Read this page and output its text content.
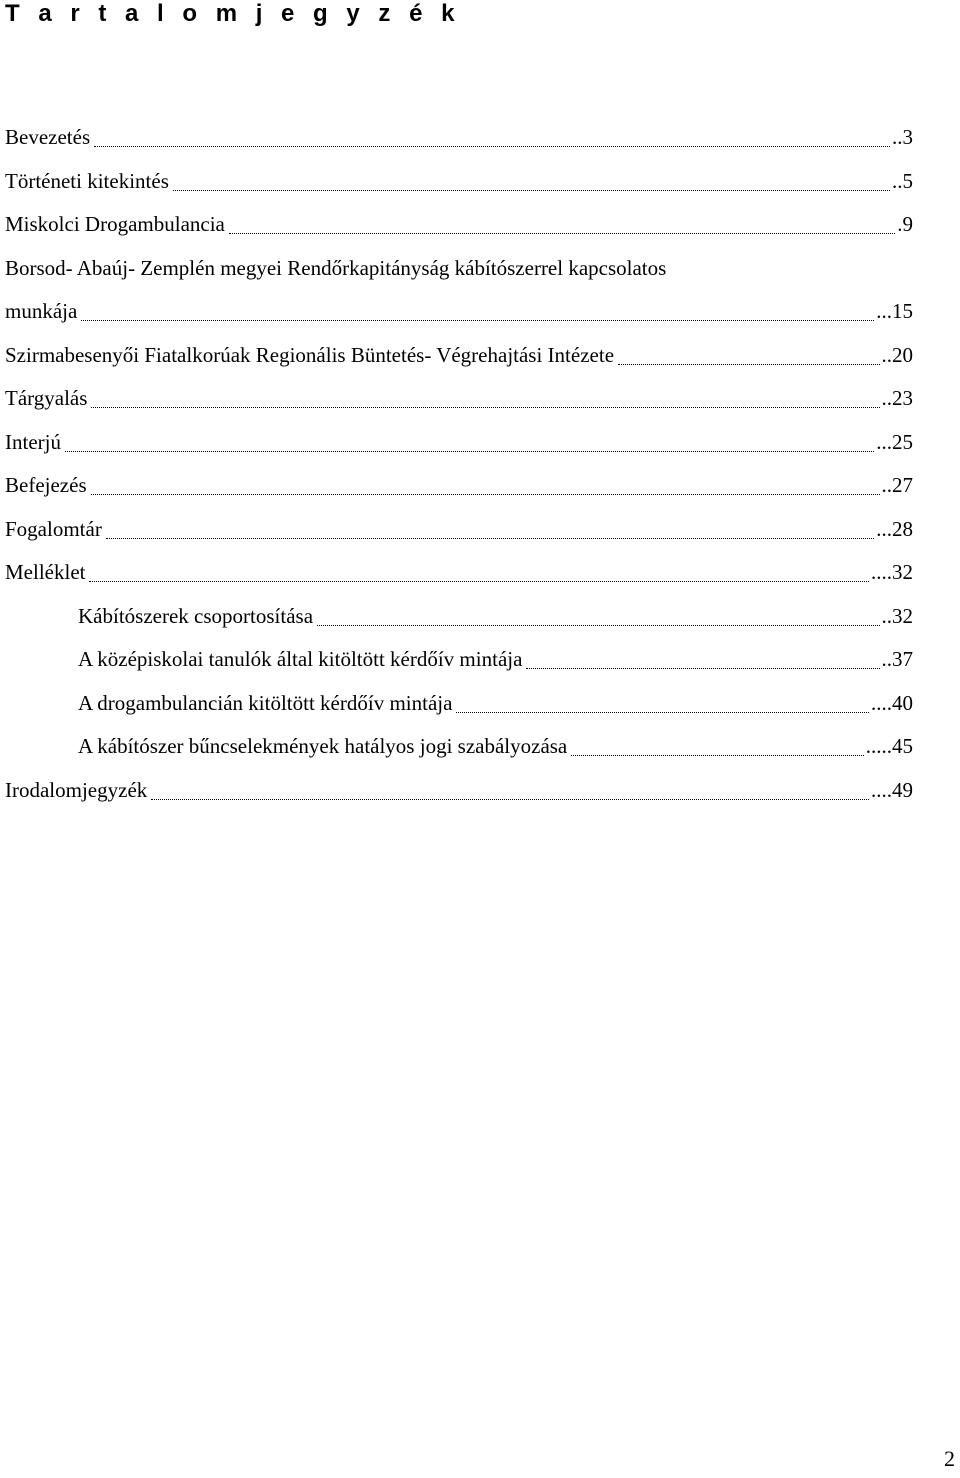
T a r t a l o m j e g y z é k
Bevezetés	..3
Történeti kitekintés	..5
Miskolci Drogambulancia	.9
Borsod- Abaúj- Zemplén megyei Rendőrkapitányság kábítószerrel kapcsolatos
munkája	...15
Szirmabesenyői Fiatalkorúak Regionális Büntetés- Végrehajtási Intézete	..20
Tárgyalás	..23
Interjú	...25
Befejezés	..27
Fogalomtár	...28
Melléklet	....32
Kábítószerek csoportosítása	..32
A középiskolai tanulók által kitöltött kérdőív mintája	..37
A drogambulancián kitöltött kérdőív mintája	....40
A kábítószer bűncselekmények hatályos jogi szabályozása	.....45
Irodalomjegyzék	....49
2
